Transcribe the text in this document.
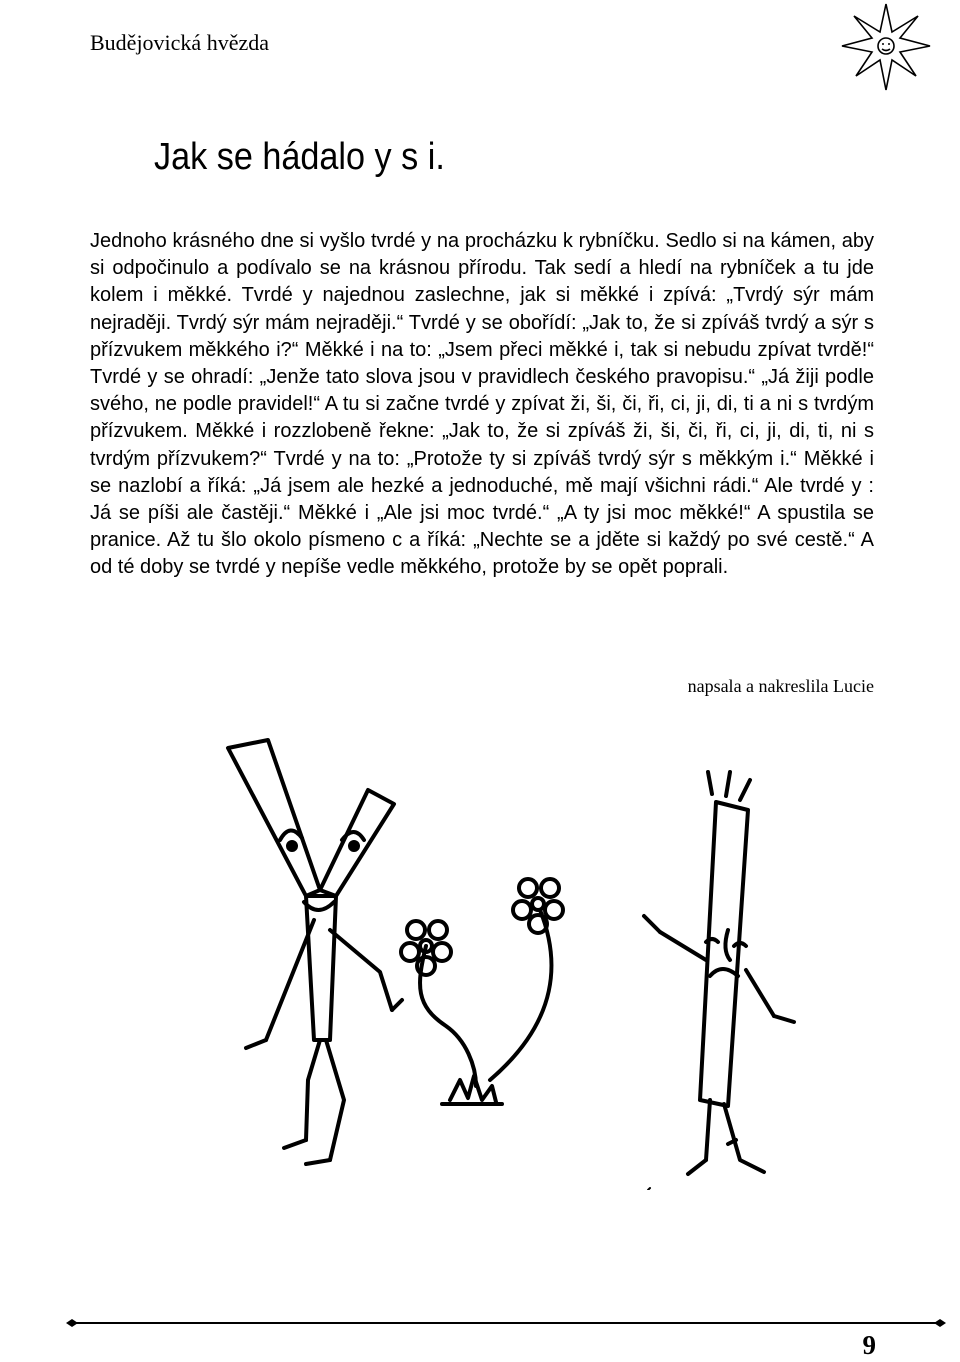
Budějovická hvězda
Jak se hádalo y s i.

Jednoho krásného dne si vyšlo tvrdé y na procházku k rybníčku. Sedlo si na kámen, aby si odpočinulo a podívalo se na krásnou přírodu. Tak sedí a hledí na rybníček a tu jde kolem i měkké. Tvrdé y najednou zaslechne, jak si měkké i zpívá: „Tvrdý sýr mám nejraději. Tvrdý sýr mám nejraději.“ Tvrdé y se obořídí: „Jak to, že si zpíváš tvrdý a sýr s přízvukem měkkého i?“ Měkké i na to: „Jsem přeci měkké i, tak si nebudu zpívat tvrdě!“ Tvrdé y se ohradí: „Jenže tato slova jsou v pravidlech českého pravopisu.“ „Já žiji podle svého, ne podle pravidel!“ A tu si začne tvrdé y zpívat ži, ši, či, ři, ci, ji, di, ti a ni s tvrdým přízvukem. Měkké i rozzlobeně řekne: „Jak to, že si zpíváš ži, ši, či, ři, ci, ji, di, ti, ni s tvrdým přízvukem?“ Tvrdé y na to: „Protože ty si zpíváš tvrdý sýr s měkkým i.“ Měkké i se nazlobí a říká: „Já jsem ale hezké a jednoduché, mě mají všichni rádi.“ Ale tvrdé y : Já se píši ale častěji.“ Měkké i „Ale jsi moc tvrdé.“ „A ty jsi moc měkké!“ A spustila se pranice. Až tu šlo okolo písmeno c a říká: „Nechte se a jděte si každý po své cestě.“ A od té doby se tvrdé y nepíše vedle měkkého, protože by se opět poprali.

napsala a nakreslila Lucie
9
